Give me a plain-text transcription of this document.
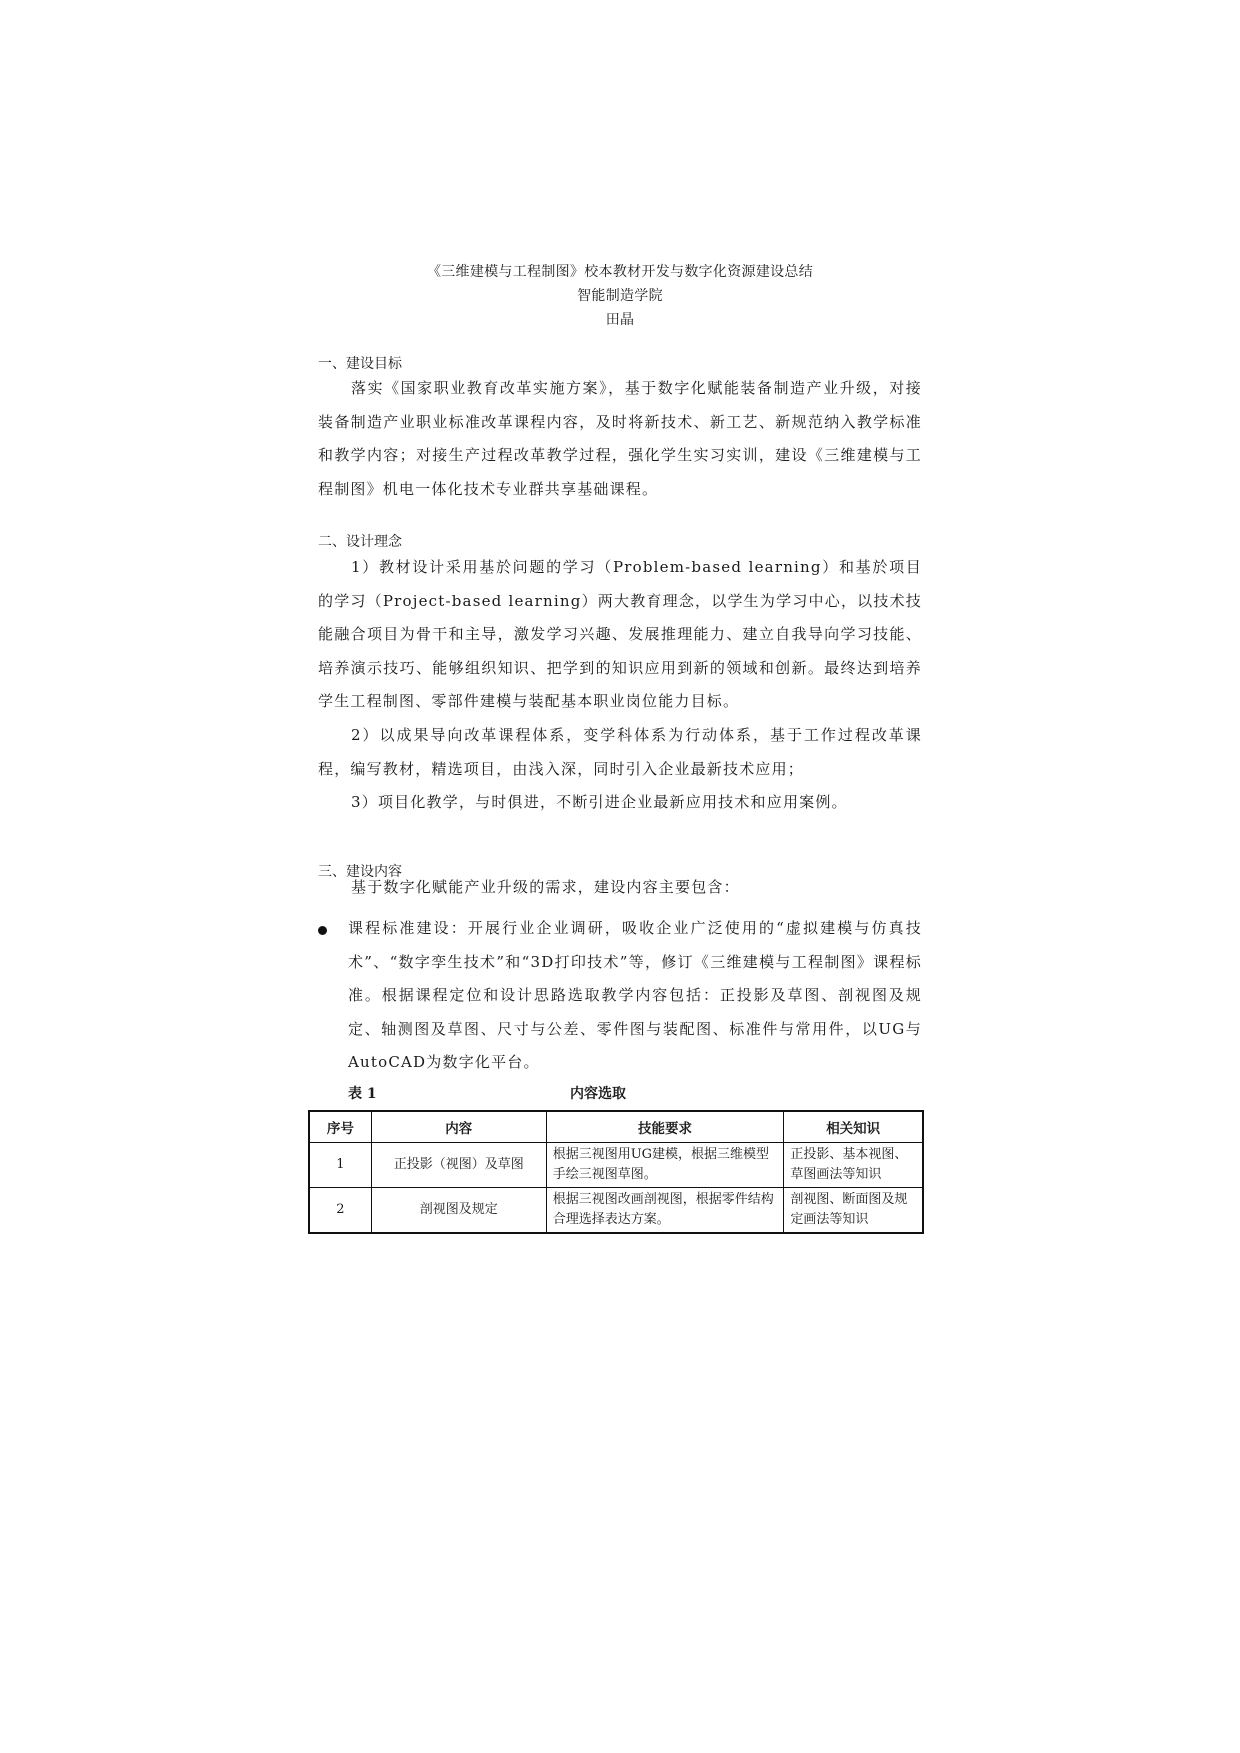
《三维建模与工程制图》校本教材开发与数字化资源建设总结
智能制造学院
田晶
一、建设目标
落实《国家职业教育改革实施方案》，基于数字化赋能装备制造产业升级，对接装备制造产业职业标准改革课程内容，及时将新技术、新工艺、新规范纳入教学标准和教学内容；对接生产过程改革教学过程，强化学生实习实训，建设《三维建模与工程制图》机电一体化技术专业群共享基础课程。
二、设计理念
1）教材设计采用基於问题的学习（Problem-based learning）和基於项目的学习（Project-based learning）两大教育理念，以学生为学习中心，以技术技能融合项目为骨干和主导，激发学习兴趣、发展推理能力、建立自我导向学习技能、培养演示技巧、能够组织知识、把学到的知识应用到新的领域和创新。最终达到培养学生工程制图、零部件建模与装配基本职业岗位能力目标。
2）以成果导向改革课程体系，变学科体系为行动体系，基于工作过程改革课程，编写教材，精选项目，由浅入深，同时引入企业最新技术应用；
3）项目化教学，与时俱进，不断引进企业最新应用技术和应用案例。
三、建设内容
基于数字化赋能产业升级的需求，建设内容主要包含：
课程标准建设：开展行业企业调研，吸收企业广泛使用的“虚拟建模与仿真技术”、“数字孪生技术”和“3D打印技术”等，修订《三维建模与工程制图》课程标准。根据课程定位和设计思路选取教学内容包括：正投影及草图、剖视图及规定、轴测图及草图、尺寸与公差、零件图与装配图、标准件与常用件，以UG与AutoCAD为数字化平台。
表 1	内容选取
序号	内容	技能要求	相关知识
1	正投影（视图）及草图	根据三视图用UG建模，根据三维模型手绘三视图草图。	正投影、基本视图、草图画法等知识
2	剖视图及规定	根据三视图改画剖视图，根据零件结构合理选择表达方案。	剖视图、断面图及规定画法等知识
